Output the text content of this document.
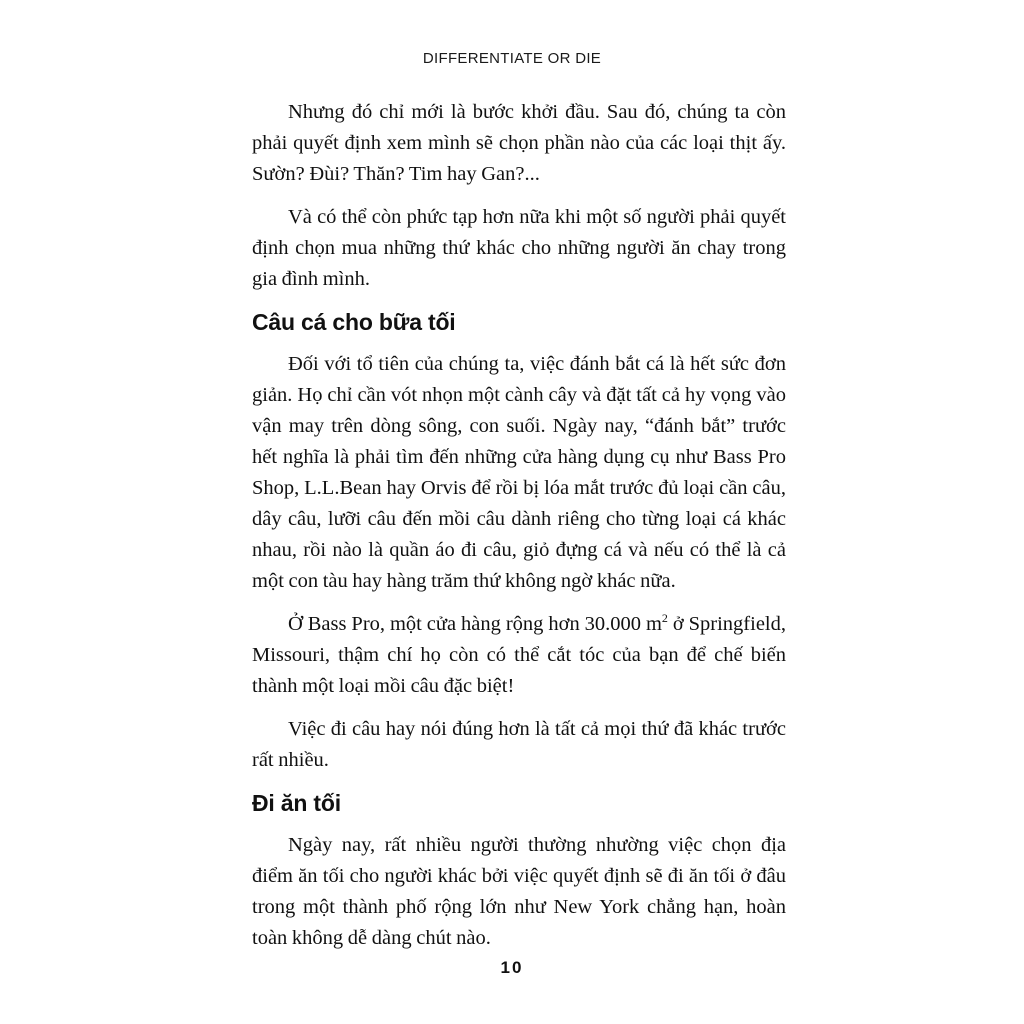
DIFFERENTIATE OR DIE

Nhưng đó chỉ mới là bước khởi đầu. Sau đó, chúng ta còn phải quyết định xem mình sẽ chọn phần nào của các loại thịt ấy. Sườn? Đùi? Thăn? Tim hay Gan?...

Và có thể còn phức tạp hơn nữa khi một số người phải quyết định chọn mua những thứ khác cho những người ăn chay trong gia đình mình.

Câu cá cho bữa tối

Đối với tổ tiên của chúng ta, việc đánh bắt cá là hết sức đơn giản. Họ chỉ cần vót nhọn một cành cây và đặt tất cả hy vọng vào vận may trên dòng sông, con suối. Ngày nay, “đánh bắt” trước hết nghĩa là phải tìm đến những cửa hàng dụng cụ như Bass Pro Shop, L.L.Bean hay Orvis để rồi bị lóa mắt trước đủ loại cần câu, dây câu, lưỡi câu đến mồi câu dành riêng cho từng loại cá khác nhau, rồi nào là quần áo đi câu, giỏ đựng cá và nếu có thể là cả một con tàu hay hàng trăm thứ không ngờ khác nữa.

Ở Bass Pro, một cửa hàng rộng hơn 30.000 $m^2$ ở Springfield, Missouri, thậm chí họ còn có thể cắt tóc của bạn để chế biến thành một loại mồi câu đặc biệt!

Việc đi câu hay nói đúng hơn là tất cả mọi thứ đã khác trước rất nhiều.

Đi ăn tối

Ngày nay, rất nhiều người thường nhường việc chọn địa điểm ăn tối cho người khác bởi việc quyết định sẽ đi ăn tối ở đâu trong một thành phố rộng lớn như New York chẳng hạn, hoàn toàn không dễ dàng chút nào.

10
